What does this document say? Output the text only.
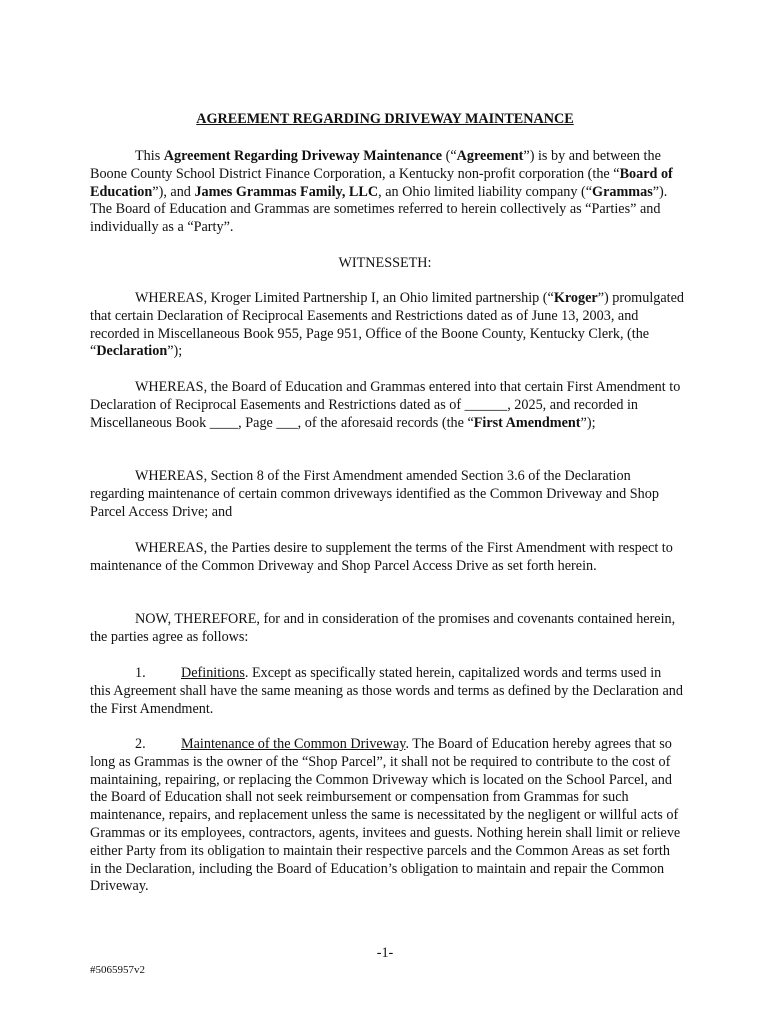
AGREEMENT REGARDING DRIVEWAY MAINTENANCE

This Agreement Regarding Driveway Maintenance (“Agreement”) is by and between the Boone County School District Finance Corporation, a Kentucky non-profit corporation (the “Board of Education”), and James Grammas Family, LLC, an Ohio limited liability company (“Grammas”). The Board of Education and Grammas are sometimes referred to herein collectively as “Parties” and individually as a “Party”.

WITNESSETH:

WHEREAS, Kroger Limited Partnership I, an Ohio limited partnership (“Kroger”) promulgated that certain Declaration of Reciprocal Easements and Restrictions dated as of June 13, 2003, and recorded in Miscellaneous Book 955, Page 951, Office of the Boone County, Kentucky Clerk, (the “Declaration”);

WHEREAS, the Board of Education and Grammas entered into that certain First Amendment to Declaration of Reciprocal Easements and Restrictions dated as of ______, 2025, and recorded in Miscellaneous Book ____, Page ___, of the aforesaid records (the “First Amendment”);

WHEREAS, Section 8 of the First Amendment amended Section 3.6 of the Declaration regarding maintenance of certain common driveways identified as the Common Driveway and Shop Parcel Access Drive; and

WHEREAS, the Parties desire to supplement the terms of the First Amendment with respect to maintenance of the Common Driveway and Shop Parcel Access Drive as set forth herein.

NOW, THEREFORE, for and in consideration of the promises and covenants contained herein, the parties agree as follows:

1. Definitions. Except as specifically stated herein, capitalized words and terms used in this Agreement shall have the same meaning as those words and terms as defined by the Declaration and the First Amendment.

2. Maintenance of the Common Driveway. The Board of Education hereby agrees that so long as Grammas is the owner of the “Shop Parcel”, it shall not be required to contribute to the cost of maintaining, repairing, or replacing the Common Driveway which is located on the School Parcel, and the Board of Education shall not seek reimbursement or compensation from Grammas for such maintenance, repairs, and replacement unless the same is necessitated by the negligent or willful acts of Grammas or its employees, contractors, agents, invitees and guests. Nothing herein shall limit or relieve either Party from its obligation to maintain their respective parcels and the Common Areas as set forth in the Declaration, including the Board of Education’s obligation to maintain and repair the Common Driveway.

-1-
#5065957v2
